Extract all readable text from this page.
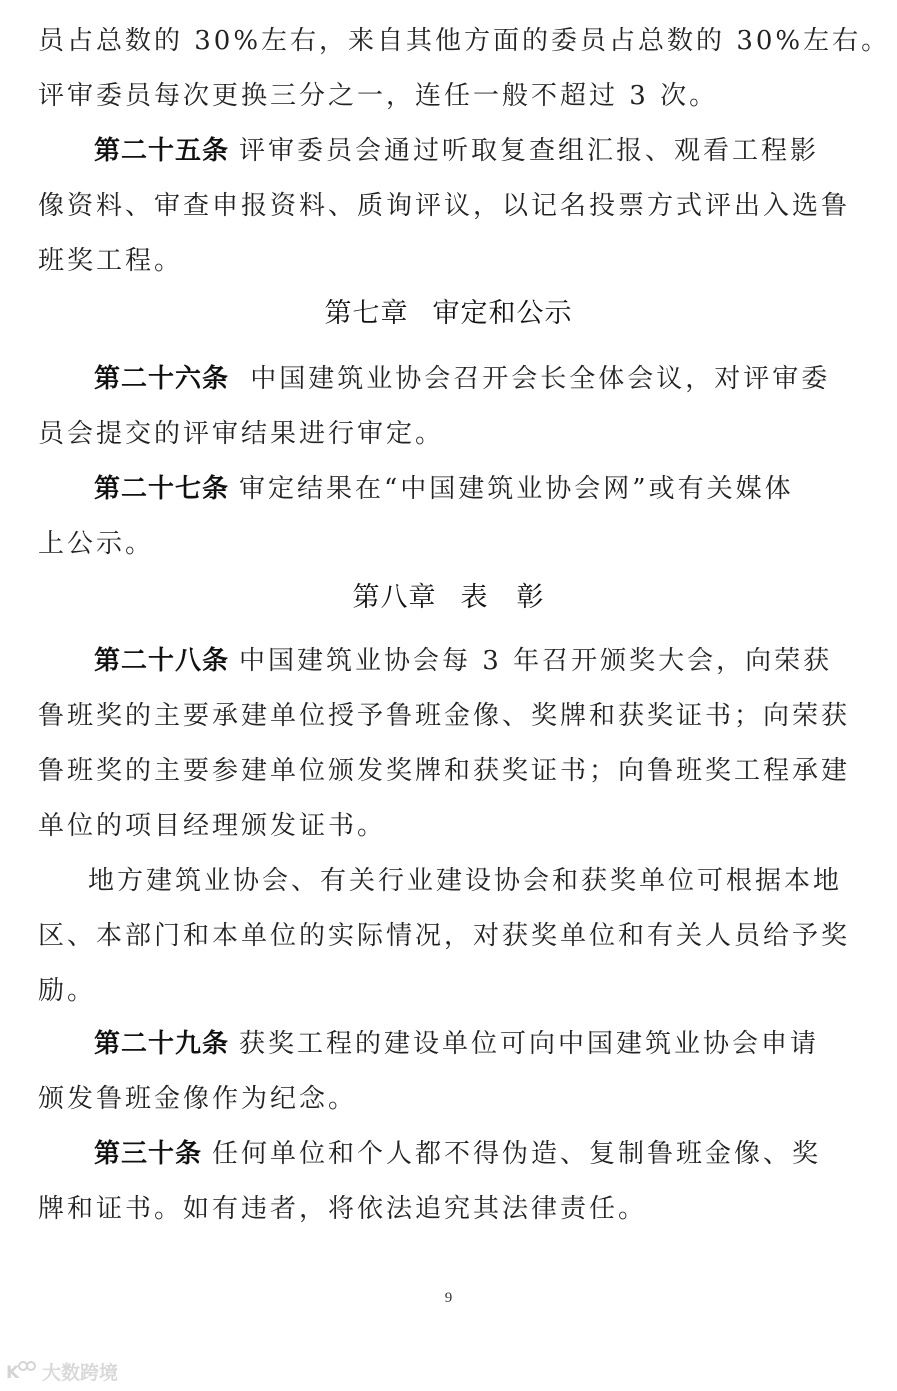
员占总数的 30%左右，来自其他方面的委员占总数的 30%左右。
评审委员每次更换三分之一，连任一般不超过 3 次。
第二十五条 评审委员会通过听取复查组汇报、观看工程影
像资料、审查申报资料、质询评议，以记名投票方式评出入选鲁
班奖工程。
第七章 审定和公示
第二十六条 中国建筑业协会召开会长全体会议，对评审委
员会提交的评审结果进行审定。
第二十七条 审定结果在“中国建筑业协会网”或有关媒体
上公示。
第八章 表　彰
第二十八条 中国建筑业协会每 3 年召开颁奖大会，向荣获
鲁班奖的主要承建单位授予鲁班金像、奖牌和获奖证书；向荣获
鲁班奖的主要参建单位颁发奖牌和获奖证书；向鲁班奖工程承建
单位的项目经理颁发证书。
地方建筑业协会、有关行业建设协会和获奖单位可根据本地
区、本部门和本单位的实际情况，对获奖单位和有关人员给予奖
励。
第二十九条 获奖工程的建设单位可向中国建筑业协会申请
颁发鲁班金像作为纪念。
第三十条 任何单位和个人都不得伪造、复制鲁班金像、奖
牌和证书。如有违者，将依法追究其法律责任。
9
K 大数跨境
